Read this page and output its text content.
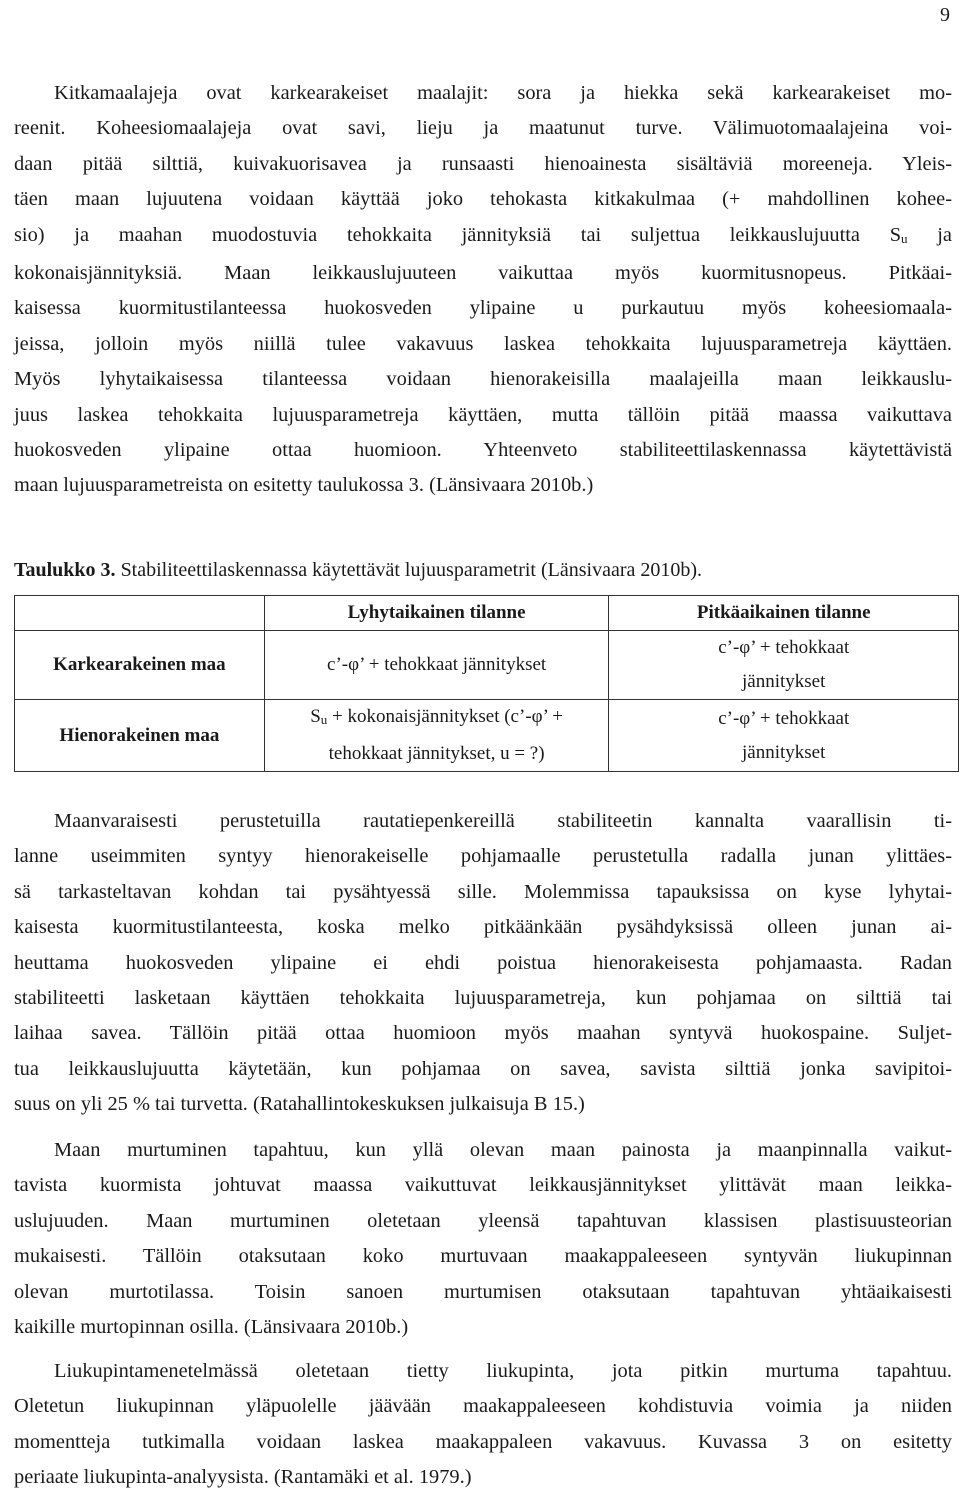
9
Kitkamaalajeja ovat karkearakeiset maalajit: sora ja hiekka sekä karkearakeiset mo-
reenit. Koheesiomaalajeja ovat savi, lieju ja maatunut turve. Välimuotomaalajeina voi-
daan pitää silttiä, kuivakuorisavea ja runsaasti hienoainesta sisältäviä moreeneja. Yleis-
täen maan lujuutena voidaan käyttää joko tehokasta kitkakulmaa (+ mahdollinen kohee-
sio) ja maahan muodostuvia tehokkaita jännityksiä tai suljettua leikkauslujuutta $S_u$ ja
kokonaisjännityksiä. Maan leikkauslujuuteen vaikuttaa myös kuormitusnopeus. Pitkäai-
kaisessa kuormitustilanteessa huokosveden ylipaine u purkautuu myös koheesiomaala-
jeissa, jolloin myös niillä tulee vakavuus laskea tehokkaita lujuusparametreja käyttäen.
Myös lyhytaikaisessa tilanteessa voidaan hienorakeisilla maalajeilla maan leikkauslu-
juus laskea tehokkaita lujuusparametreja käyttäen, mutta tällöin pitää maassa vaikuttava
huokosveden ylipaine ottaa huomioon. Yhteenveto stabiliteettilaskennassa käytettävistä
maan lujuusparametreista on esitetty taulukossa 3. (Länsivaara 2010b.)
Taulukko 3. Stabiliteettilaskennassa käytettävät lujuusparametrit (Länsivaara 2010b).
	Lyhytaikainen tilanne	Pitkäaikainen tilanne
Karkearakeinen maa	c’-φ’ + tehokkaat jännitykset	c’-φ’ + tehokkaat
jännitykset
Hienorakeinen maa	$S_u$ + kokonaisjännitykset (c’-φ’ +
tehokkaat jännitykset, u = ?)	c’-φ’ + tehokkaat
jännitykset
Maanvaraisesti perustetuilla rautatiepenkereillä stabiliteetin kannalta vaarallisin ti-
lanne useimmiten syntyy hienorakeiselle pohjamaalle perustetulla radalla junan ylittäes-
sä tarkasteltavan kohdan tai pysähtyessä sille. Molemmissa tapauksissa on kyse lyhytai-
kaisesta kuormitustilanteesta, koska melko pitkäänkään pysähdyksissä olleen junan ai-
heuttama huokosveden ylipaine ei ehdi poistua hienorakeisesta pohjamaasta. Radan
stabiliteetti lasketaan käyttäen tehokkaita lujuusparametreja, kun pohjamaa on silttiä tai
laihaa savea. Tällöin pitää ottaa huomioon myös maahan syntyvä huokospaine. Suljet-
tua leikkauslujuutta käytetään, kun pohjamaa on savea, savista silttiä jonka savipitoi-
suus on yli 25 % tai turvetta. (Ratahallintokeskuksen julkaisuja B 15.)
Maan murtuminen tapahtuu, kun yllä olevan maan painosta ja maanpinnalla vaikut-
tavista kuormista johtuvat maassa vaikuttuvat leikkausjännitykset ylittävät maan leikka-
uslujuuden. Maan murtuminen oletetaan yleensä tapahtuvan klassisen plastisuusteorian
mukaisesti. Tällöin otaksutaan koko murtuvaan maakappaleeseen syntyvän liukupinnan
olevan murtotilassa. Toisin sanoen murtumisen otaksutaan tapahtuvan yhtäaikaisesti
kaikille murtopinnan osilla. (Länsivaara 2010b.)
Liukupintamenetelmässä oletetaan tietty liukupinta, jota pitkin murtuma tapahtuu.
Oletetun liukupinnan yläpuolelle jäävään maakappaleeseen kohdistuvia voimia ja niiden
momentteja tutkimalla voidaan laskea maakappaleen vakavuus. Kuvassa 3 on esitetty
periaate liukupinta-analyysista. (Rantamäki et al. 1979.)
